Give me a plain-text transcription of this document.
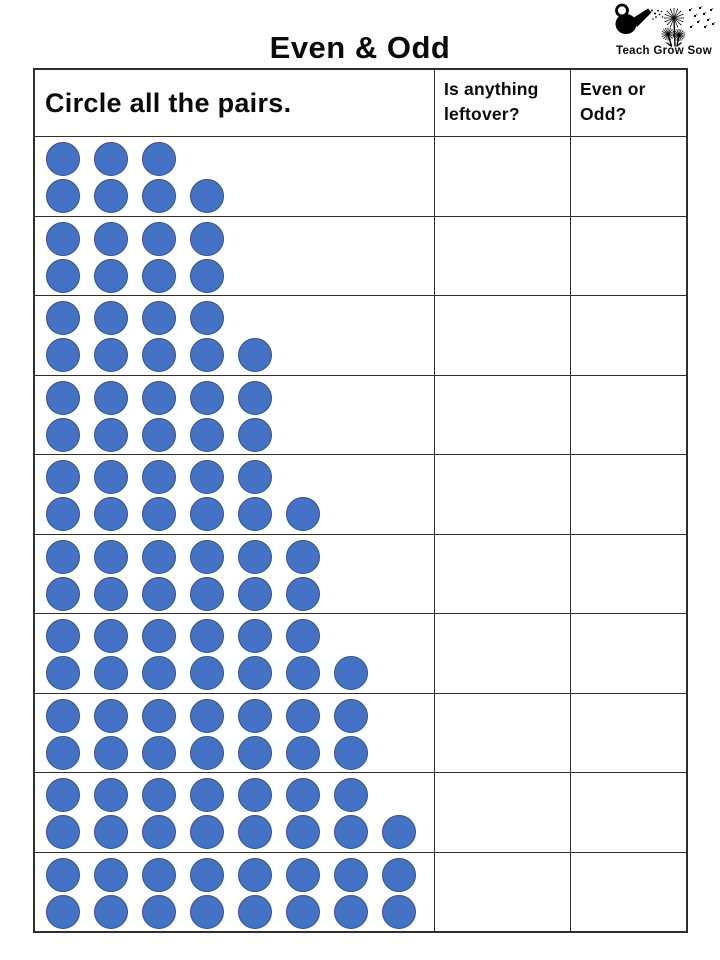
Even & Odd	Teach Grow Sow
Circle all the pairs.	Is anything leftover?
Even or Odd?
